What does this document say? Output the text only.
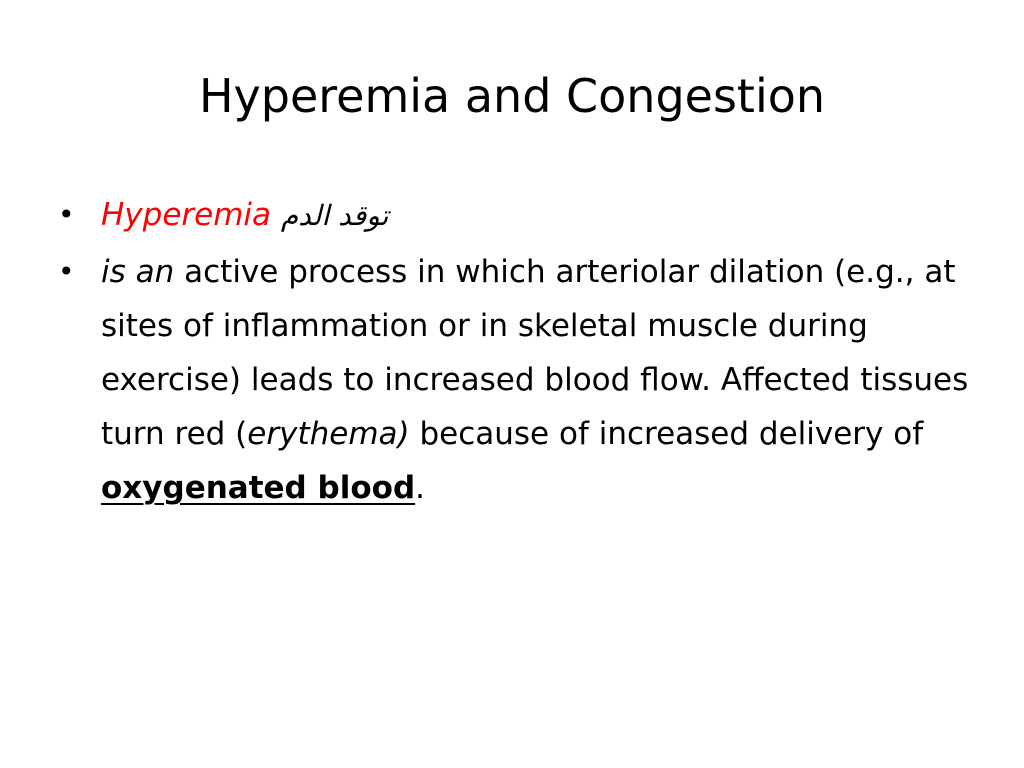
Hyperemia and Congestion
• Hyperemia توقد الدم
• is an active process in which arteriolar dilation (e.g., at sites of inflammation or in skeletal muscle during exercise) leads to increased blood flow. Affected tissues turn red (erythema) because of increased delivery of oxygenated blood.
